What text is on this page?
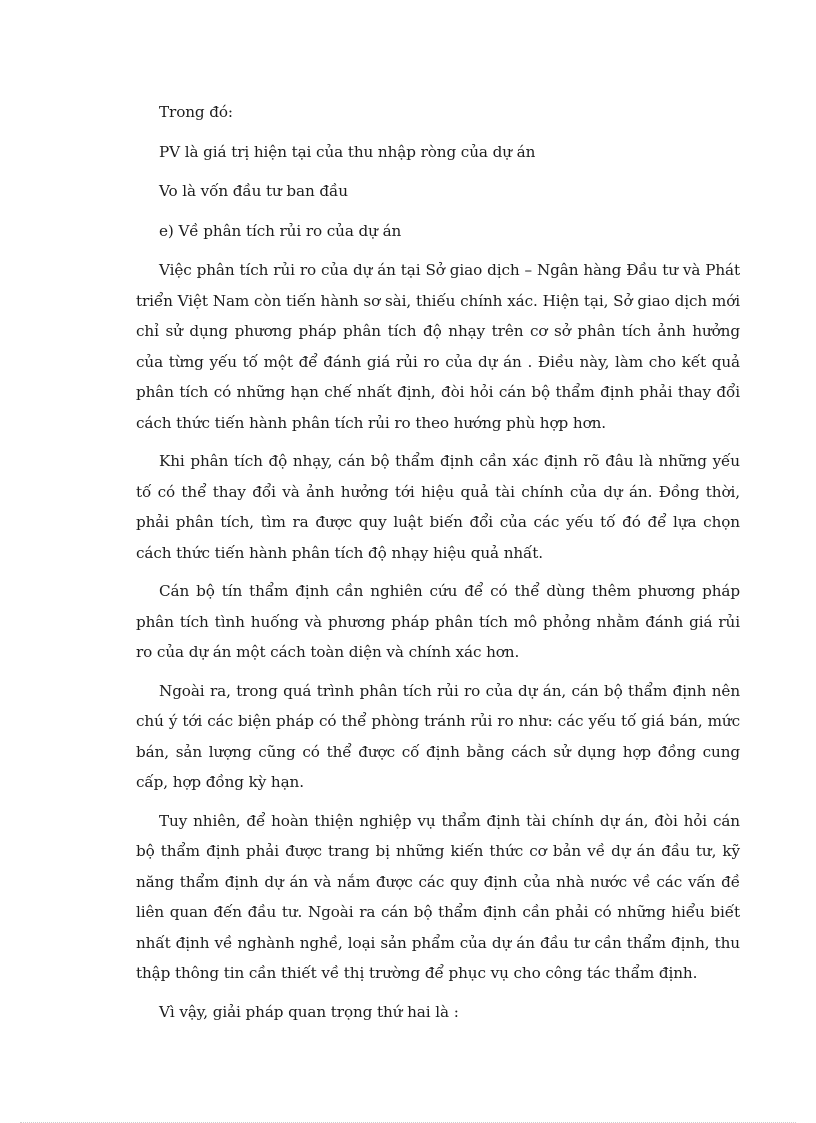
Trong đó:

PV là giá trị hiện tại của thu nhập ròng của dự án

Vo là vốn đầu tư ban đầu

e) Về phân tích rủi ro của dự án

Việc phân tích rủi ro của dự án tại Sở giao dịch – Ngân hàng Đầu tư và Phát triển Việt Nam còn tiến hành sơ sài, thiếu chính xác. Hiện tại, Sở giao dịch mới chỉ sử dụng phương pháp phân tích độ nhạy trên cơ sở phân tích ảnh hưởng của từng yếu tố một để đánh giá rủi ro của dự án . Điều này, làm cho kết quả phân tích có những hạn chế nhất định, đòi hỏi cán bộ thẩm định phải thay đổi cách thức tiến hành phân tích rủi ro theo hướng phù hợp hơn.

Khi phân tích độ nhạy, cán bộ thẩm định cần xác định rõ đâu là những yếu tố có thể thay đổi và ảnh hưởng tới hiệu quả tài chính của dự án. Đồng thời, phải phân tích, tìm ra được quy luật biến đổi của các yếu tố đó để lựa chọn cách thức tiến hành phân tích độ nhạy hiệu quả nhất.

Cán bộ tín thẩm định cần nghiên cứu để có thể dùng thêm phương pháp phân tích tình huống và phương pháp phân tích mô phỏng nhằm đánh giá rủi ro của dự án một cách toàn diện và chính xác hơn.

Ngoài ra, trong quá trình phân tích rủi ro của dự án, cán bộ thẩm định nên chú ý tới các biện pháp có thể phòng tránh rủi ro như: các yếu tố giá bán, mức bán, sản lượng cũng có thể được cố định bằng cách sử dụng hợp đồng cung cấp, hợp đồng kỳ hạn.

Tuy nhiên, để hoàn thiện nghiệp vụ thẩm định tài chính dự án, đòi hỏi cán bộ thẩm định phải được trang bị những kiến thức cơ bản về dự án đầu tư, kỹ năng thẩm định dự án và nắm được các quy định của nhà nước về các vấn đề liên quan đến đầu tư. Ngoài ra cán bộ thẩm định cần phải có những hiểu biết nhất định về nghành nghề, loại sản phẩm của dự án đầu tư cần thẩm định, thu thập thông tin cần thiết về thị trường để phục vụ cho công tác thẩm định.

Vì vậy, giải pháp quan trọng thứ hai là :
